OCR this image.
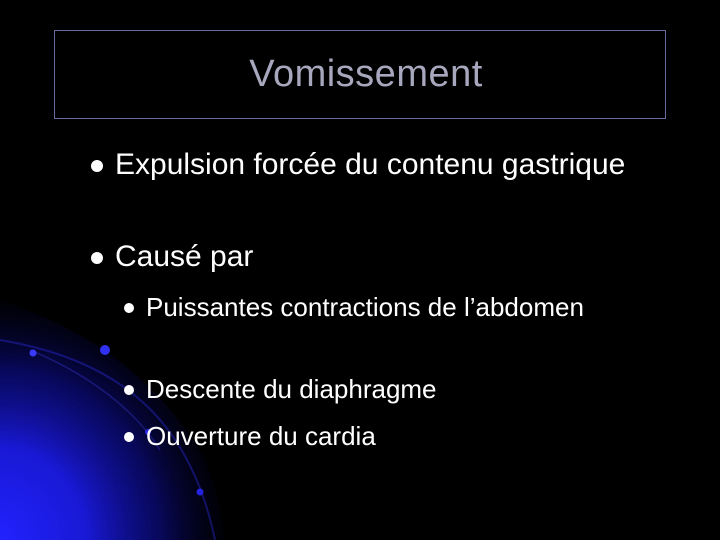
Vomissement
Expulsion forcée du contenu gastrique
Causé par
Puissantes contractions de l’abdomen
Descente du diaphragme
Ouverture du cardia
